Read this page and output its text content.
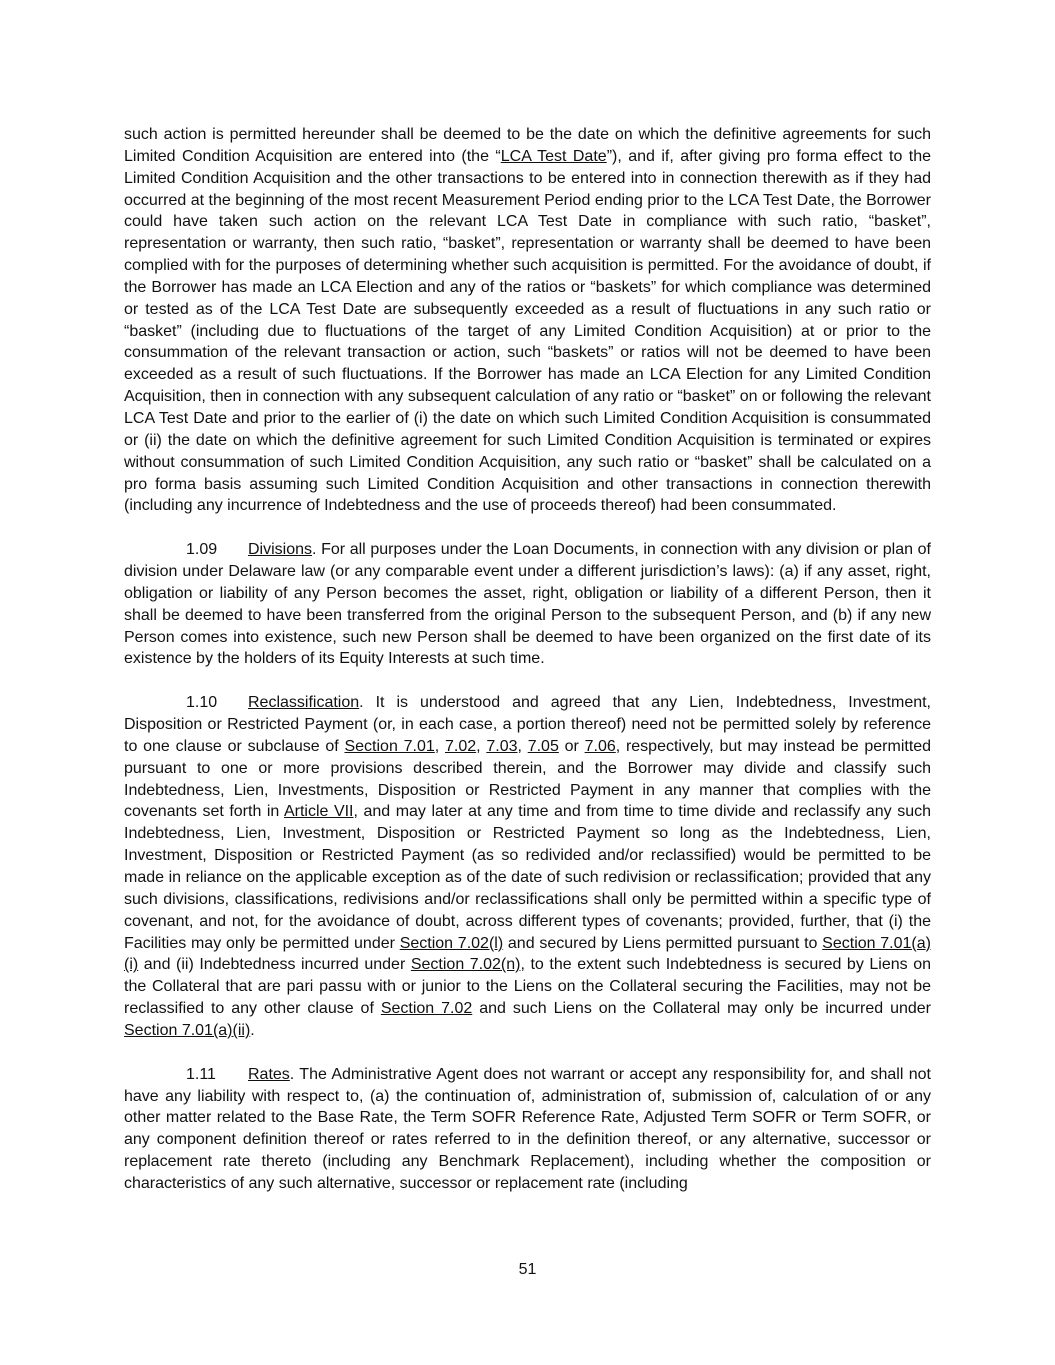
such action is permitted hereunder shall be deemed to be the date on which the definitive agreements for such Limited Condition Acquisition are entered into (the “LCA Test Date”), and if, after giving pro forma effect to the Limited Condition Acquisition and the other transactions to be entered into in connection therewith as if they had occurred at the beginning of the most recent Measurement Period ending prior to the LCA Test Date, the Borrower could have taken such action on the relevant LCA Test Date in compliance with such ratio, “basket”, representation or warranty, then such ratio, “basket”, representation or warranty shall be deemed to have been complied with for the purposes of determining whether such acquisition is permitted. For the avoidance of doubt, if the Borrower has made an LCA Election and any of the ratios or “baskets” for which compliance was determined or tested as of the LCA Test Date are subsequently exceeded as a result of fluctuations in any such ratio or “basket” (including due to fluctuations of the target of any Limited Condition Acquisition) at or prior to the consummation of the relevant transaction or action, such “baskets” or ratios will not be deemed to have been exceeded as a result of such fluctuations. If the Borrower has made an LCA Election for any Limited Condition Acquisition, then in connection with any subsequent calculation of any ratio or “basket” on or following the relevant LCA Test Date and prior to the earlier of (i) the date on which such Limited Condition Acquisition is consummated or (ii) the date on which the definitive agreement for such Limited Condition Acquisition is terminated or expires without consummation of such Limited Condition Acquisition, any such ratio or “basket” shall be calculated on a pro forma basis assuming such Limited Condition Acquisition and other transactions in connection therewith (including any incurrence of Indebtedness and the use of proceeds thereof) had been consummated.

1.09 Divisions. For all purposes under the Loan Documents, in connection with any division or plan of division under Delaware law (or any comparable event under a different jurisdiction’s laws): (a) if any asset, right, obligation or liability of any Person becomes the asset, right, obligation or liability of a different Person, then it shall be deemed to have been transferred from the original Person to the subsequent Person, and (b) if any new Person comes into existence, such new Person shall be deemed to have been organized on the first date of its existence by the holders of its Equity Interests at such time.

1.10 Reclassification. It is understood and agreed that any Lien, Indebtedness, Investment, Disposition or Restricted Payment (or, in each case, a portion thereof) need not be permitted solely by reference to one clause or subclause of Section 7.01, 7.02, 7.03, 7.05 or 7.06, respectively, but may instead be permitted pursuant to one or more provisions described therein, and the Borrower may divide and classify such Indebtedness, Lien, Investments, Disposition or Restricted Payment in any manner that complies with the covenants set forth in Article VII, and may later at any time and from time to time divide and reclassify any such Indebtedness, Lien, Investment, Disposition or Restricted Payment so long as the Indebtedness, Lien, Investment, Disposition or Restricted Payment (as so redivided and/or reclassified) would be permitted to be made in reliance on the applicable exception as of the date of such redivision or reclassification; provided that any such divisions, classifications, redivisions and/or reclassifications shall only be permitted within a specific type of covenant, and not, for the avoidance of doubt, across different types of covenants; provided, further, that (i) the Facilities may only be permitted under Section 7.02(l) and secured by Liens permitted pursuant to Section 7.01(a)(i) and (ii) Indebtedness incurred under Section 7.02(n), to the extent such Indebtedness is secured by Liens on the Collateral that are pari passu with or junior to the Liens on the Collateral securing the Facilities, may not be reclassified to any other clause of Section 7.02 and such Liens on the Collateral may only be incurred under Section 7.01(a)(ii).

1.11 Rates. The Administrative Agent does not warrant or accept any responsibility for, and shall not have any liability with respect to, (a) the continuation of, administration of, submission of, calculation of or any other matter related to the Base Rate, the Term SOFR Reference Rate, Adjusted Term SOFR or Term SOFR, or any component definition thereof or rates referred to in the definition thereof, or any alternative, successor or replacement rate thereto (including any Benchmark Replacement), including whether the composition or characteristics of any such alternative, successor or replacement rate (including

51
